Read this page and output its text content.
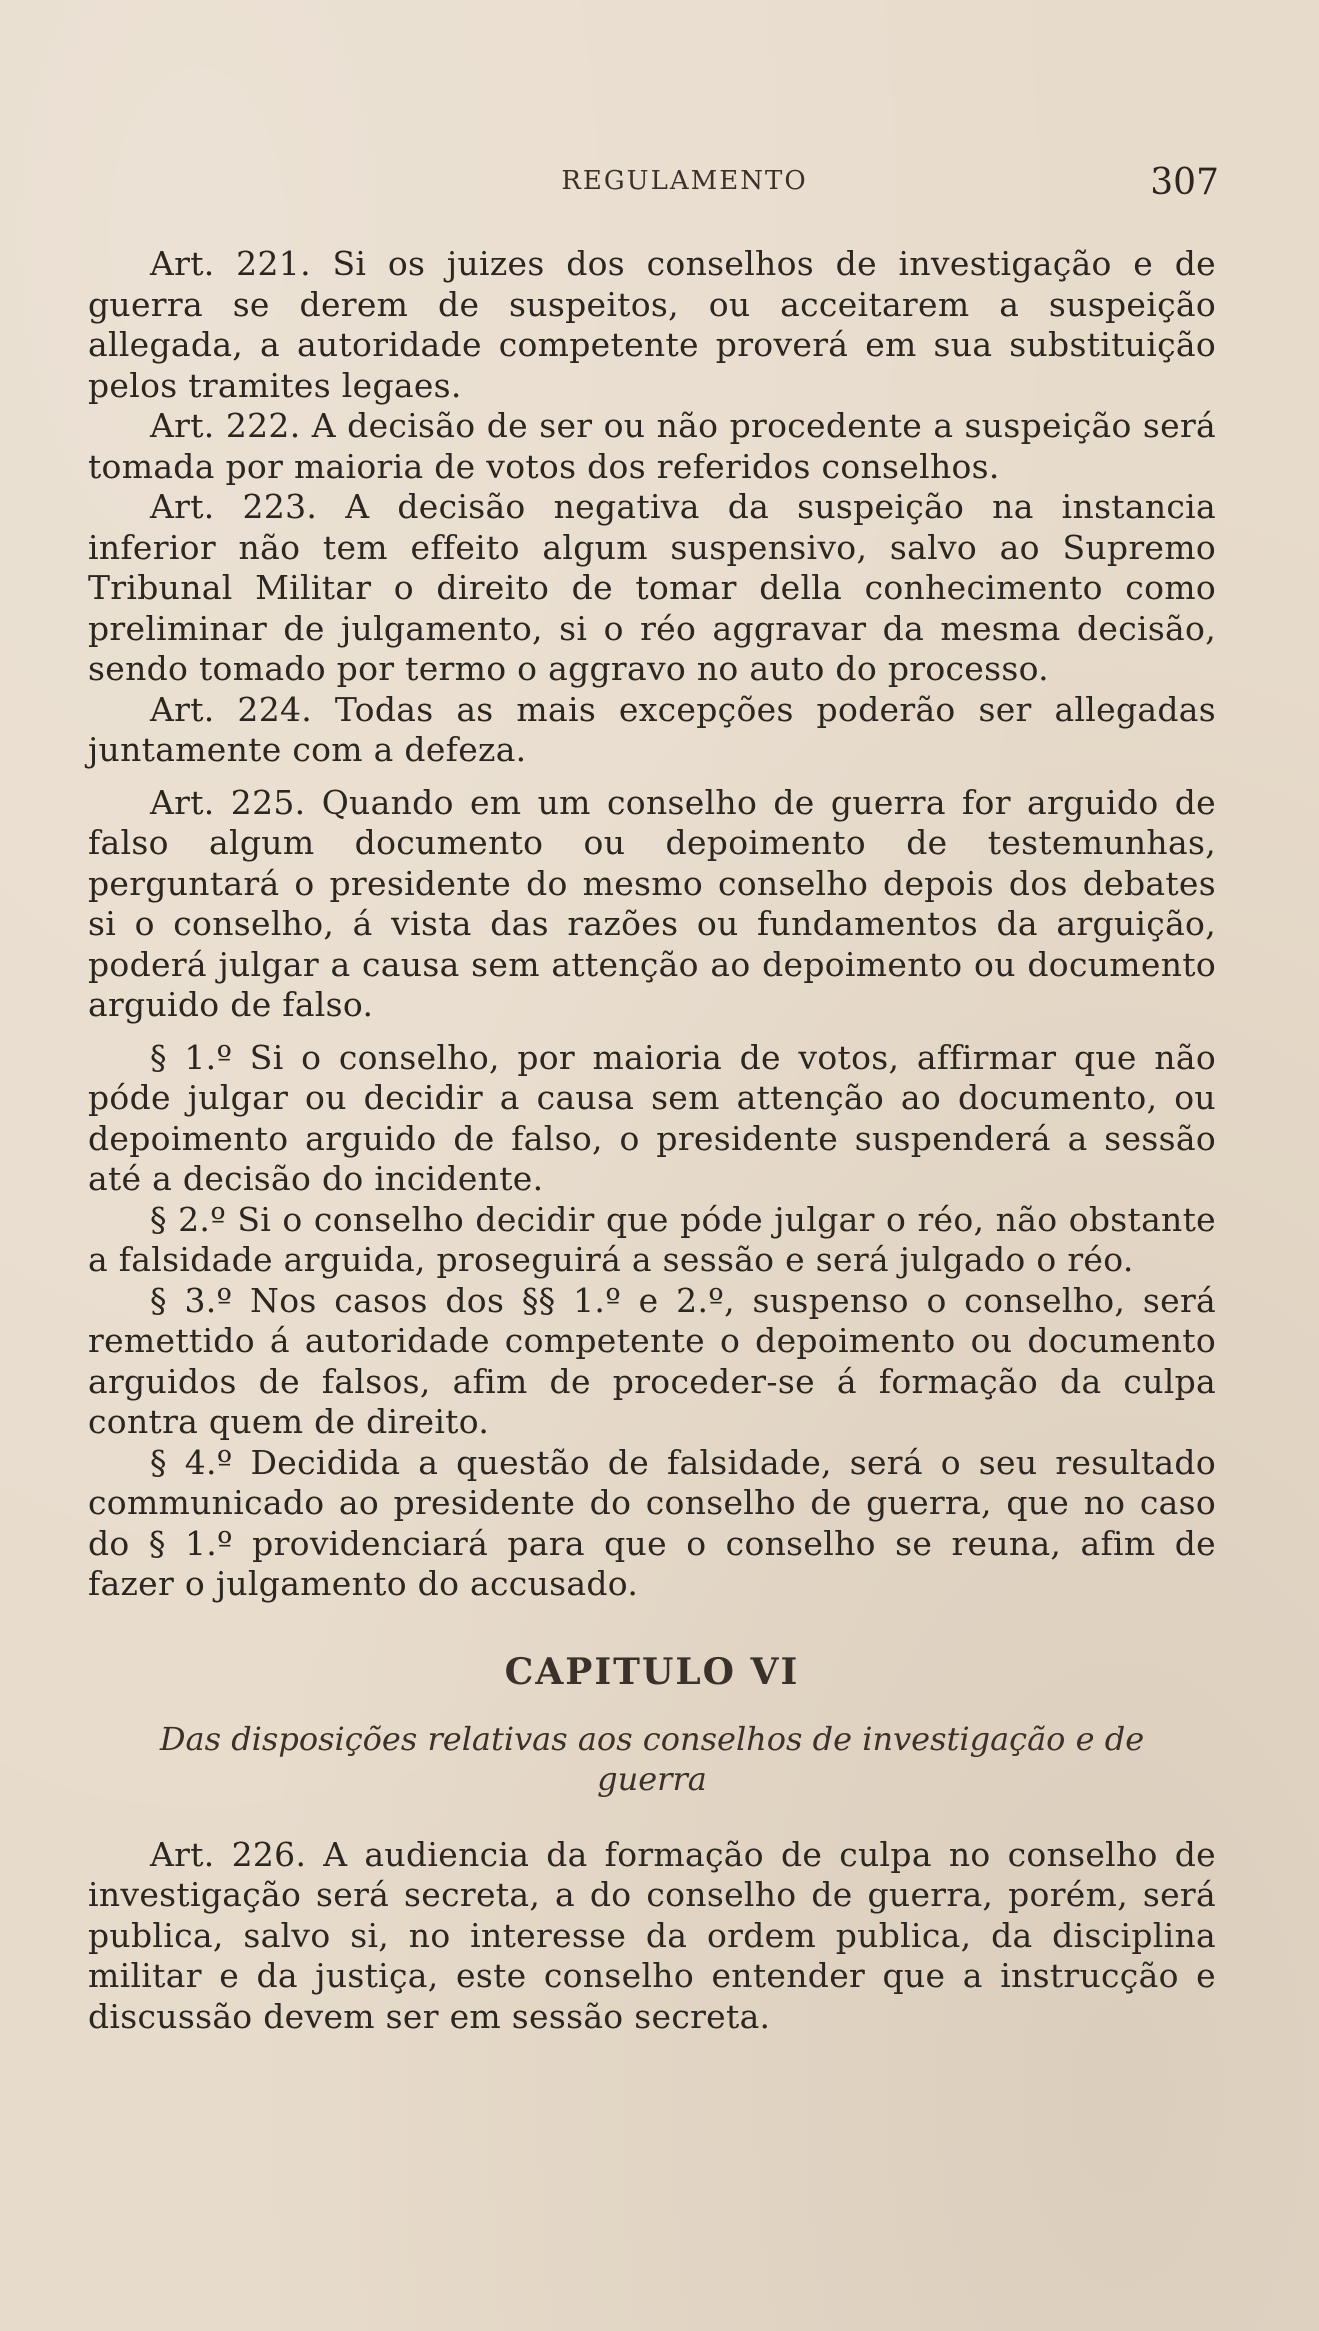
REGULAMENTO	307

Art. 221. Si os juizes dos conselhos de investigação e de guerra se derem de suspeitos, ou acceitarem a suspeição allegada, a autoridade competente proverá em sua substituição pelos tramites legaes.

Art. 222. A decisão de ser ou não procedente a suspeição será tomada por maioria de votos dos referidos conselhos.

Art. 223. A decisão negativa da suspeição na instancia inferior não tem effeito algum suspensivo, salvo ao Supremo Tribunal Militar o direito de tomar della conhecimento como preliminar de julgamento, si o réo aggravar da mesma decisão, sendo tomado por termo o aggravo no auto do processo.

Art. 224. Todas as mais excepções poderão ser allegadas juntamente com a defeza.

Art. 225. Quando em um conselho de guerra for arguido de falso algum documento ou depoimento de testemunhas, perguntará o presidente do mesmo conselho depois dos debates si o conselho, á vista das razões ou fundamentos da arguição, poderá julgar a causa sem attenção ao depoimento ou documento arguido de falso.

§ 1.º Si o conselho, por maioria de votos, affirmar que não póde julgar ou decidir a causa sem attenção ao documento, ou depoimento arguido de falso, o presidente suspenderá a sessão até a decisão do incidente.

§ 2.º Si o conselho decidir que póde julgar o réo, não obstante a falsidade arguida, proseguirá a sessão e será julgado o réo.

§ 3.º Nos casos dos §§ 1.º e 2.º, suspenso o conselho, será remettido á autoridade competente o depoimento ou documento arguidos de falsos, afim de proceder-se á formação da culpa contra quem de direito.

§ 4.º Decidida a questão de falsidade, será o seu resultado communicado ao presidente do conselho de guerra, que no caso do § 1.º providenciará para que o conselho se reuna, afim de fazer o julgamento do accusado.

CAPITULO VI
Das disposições relativas aos conselhos de investigação e de guerra

Art. 226. A audiencia da formação de culpa no conselho de investigação será secreta, a do conselho de guerra, porém, será publica, salvo si, no interesse da ordem publica, da disciplina militar e da justiça, este conselho entender que a instrucção e discussão devem ser em sessão secreta.
